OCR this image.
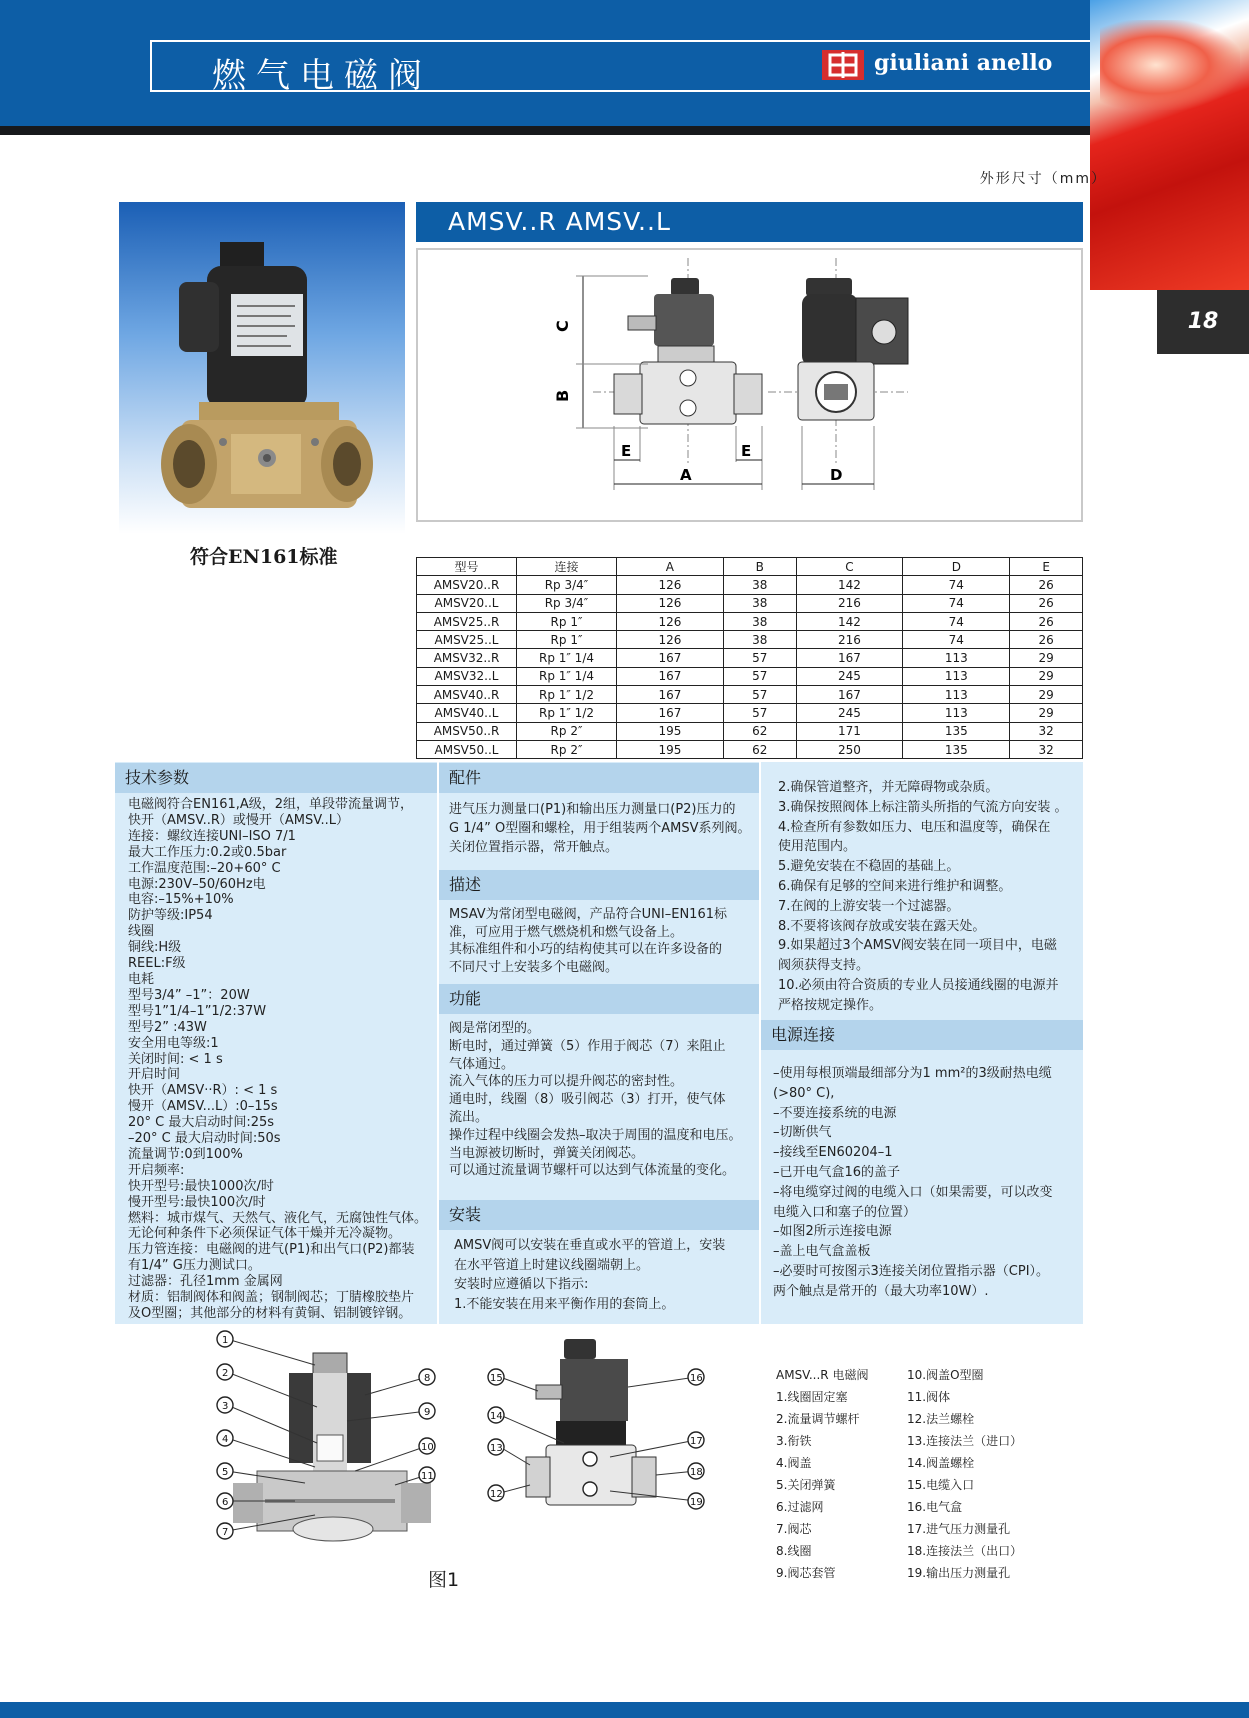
燃气电磁阀	giuliani anello
18
外形尺寸（mm）
符合EN161标准
AMSV..R AMSV..L
C
B
E	E
A	D
型号	连接	A	B	C	D	E
AMSV20..R	Rp 3/4″	126	38	142	74	26
AMSV20..L	Rp 3/4″	126	38	216	74	26
AMSV25..R	Rp 1″	126	38	142	74	26
AMSV25..L	Rp 1″	126	38	216	74	26
AMSV32..R	Rp 1″ 1/4	167	57	167	113	29
AMSV32..L	Rp 1″ 1/4	167	57	245	113	29
AMSV40..R	Rp 1″ 1/2	167	57	167	113	29
AMSV40..L	Rp 1″ 1/2	167	57	245	113	29
AMSV50..R	Rp 2″	195	62	171	135	32
AMSV50..L	Rp 2″	195	62	250	135	32
技术参数
电磁阀符合EN161,A级，2组，单段带流量调节，
快开（AMSV..R）或慢开（AMSV..L）
连接：螺纹连接UNI–ISO 7/1
最大工作压力:0.2或0.5bar
工作温度范围:–20+60° C
电源:230V–50/60Hz电
电容:–15%+10%
防护等级:IP54
线圈
铜线:H级
REEL:F级
电耗
型号3/4” –1”：20W
型号1”1/4–1”1/2:37W
型号2” :43W
安全用电等级:1
关闭时间: < 1 s
开启时间
快开（AMSV··R）: < 1 s
慢开（AMSV...L）:0–15s
20° C 最大启动时间:25s
–20° C 最大启动时间:50s
流量调节:0到100%
开启频率:
快开型号:最快1000次/时
慢开型号:最快100次/时
燃料：城市煤气、天然气、液化气，无腐蚀性气体。
无论何种条件下必须保证气体干燥并无冷凝物。
压力管连接：电磁阀的进气(P1)和出气口(P2)都装
有1/4” G压力测试口。
过滤器：孔径1mm 金属网
材质：铝制阀体和阀盖；钢制阀芯；丁腈橡胶垫片
及O型圈；其他部分的材料有黄铜、铝制镀锌钢。
配件
进气压力测量口(P1)和输出压力测量口(P2)压力的
G 1/4” O型圈和螺栓，用于组装两个AMSV系列阀。
关闭位置指示器，常开触点。
描述
MSAV为常闭型电磁阀，产品符合UNI–EN161标
准，可应用于燃气燃烧机和燃气设备上。
其标准组件和小巧的结构使其可以在许多设备的
不同尺寸上安装多个电磁阀。
功能
阀是常闭型的。
断电时，通过弹簧（5）作用于阀芯（7）来阻止
气体通过。
流入气体的压力可以提升阀芯的密封性。
通电时，线圈（8）吸引阀芯（3）打开，使气体
流出。
操作过程中线圈会发热–取决于周围的温度和电压。
当电源被切断时，弹簧关闭阀芯。
可以通过流量调节螺杆可以达到气体流量的变化。
安装
AMSV阀可以安装在垂直或水平的管道上，安装
在水平管道上时建议线圈端朝上。
安装时应遵循以下指示:
1.不能安装在用来平衡作用的套筒上。
2.确保管道整齐，并无障碍物或杂质。
3.确保按照阀体上标注箭头所指的气流方向安装 。
4.检查所有参数如压力、电压和温度等，确保在
使用范围内。
5.避免安装在不稳固的基础上。
6.确保有足够的空间来进行维护和调整。
7.在阀的上游安装一个过滤器。
8.不要将该阀存放或安装在露天处。
9.如果超过3个AMSV阀安装在同一项目中，电磁
阀须获得支持。
10.必须由符合资质的专业人员接通线圈的电源并
严格按规定操作。
电源连接
–使用每根顶端最细部分为1 mm²的3级耐热电缆
(>80° C),
–不要连接系统的电源
–切断供气
–接线至EN60204–1
–已开电气盒16的盖子
–将电缆穿过阀的电缆入口（如果需要，可以改变
电缆入口和塞子的位置）
–如图2所示连接电源
–盖上电气盒盖板
–必要时可按图示3连接关闭位置指示器（CPI）。
两个触点是常开的（最大功率10W）.
1
2
3
4
5
6
7
8
9
10
11
15
14
13
12
16
17
18
19
图1
AMSV...R 电磁阀
1.线圈固定塞
2.流量调节螺杆
3.衔铁
4.阀盖
5.关闭弹簧
6.过滤网
7.阀芯
8.线圈
9.阀芯套管
10.阀盖O型圈
11.阀体
12.法兰螺栓
13.连接法兰（进口）
14.阀盖螺栓
15.电缆入口
16.电气盒
17.进气压力测量孔
18.连接法兰（出口）
19.输出压力测量孔
